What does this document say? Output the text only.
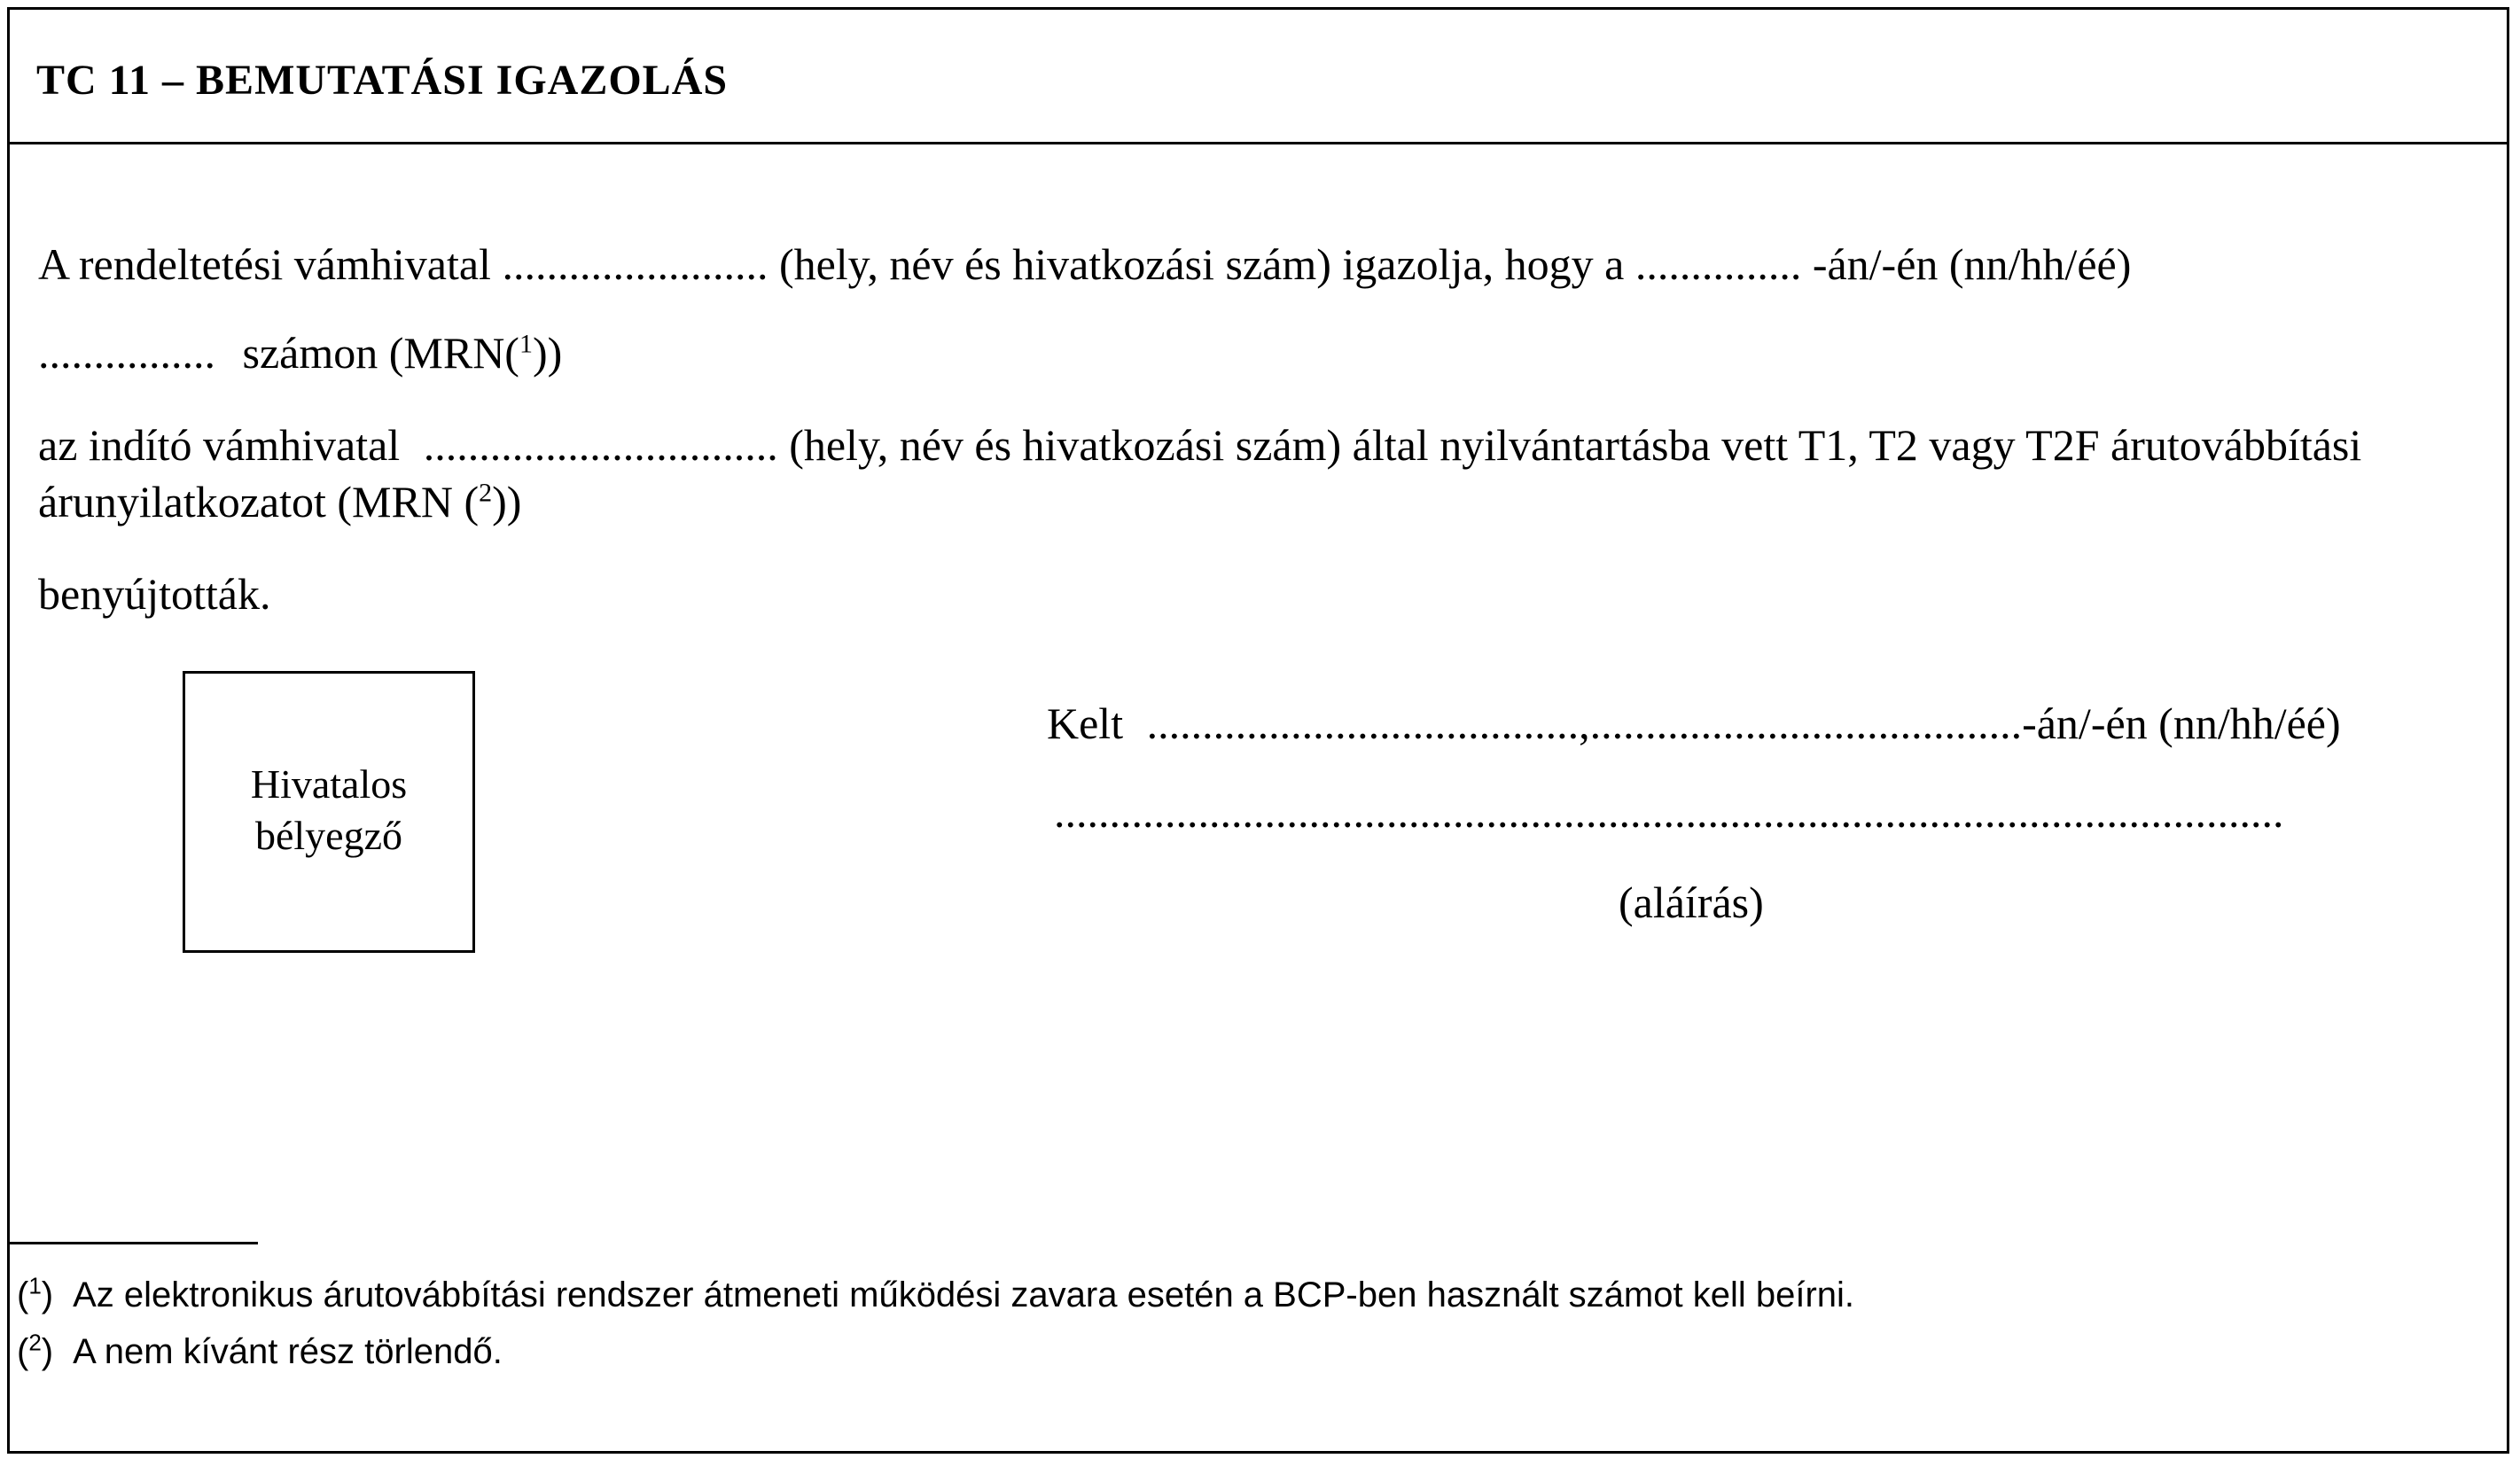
TC 11 – BEMUTATÁSI IGAZOLÁS
A rendeltetési vámhivatal ........................ (hely, név és hivatkozási szám) igazolja, hogy a ............... -án/-én (nn/hh/éé)
................ számon (MRN($^1$))
az indító vámhivatal ................................ (hely, név és hivatkozási szám) által nyilvántartásba vett T1, T2 vagy T2F árutovábbítási
árunyilatkozatot (MRN ($^2$))
benyújtották.
Hivatalos
bélyegző
Kelt .......................................,.......................................-án/-én (nn/hh/éé)
...............................................................................................................
(aláírás)
($^1$) Az elektronikus árutovábbítási rendszer átmeneti működési zavara esetén a BCP-ben használt számot kell beírni.
($^2$) A nem kívánt rész törlendő.
